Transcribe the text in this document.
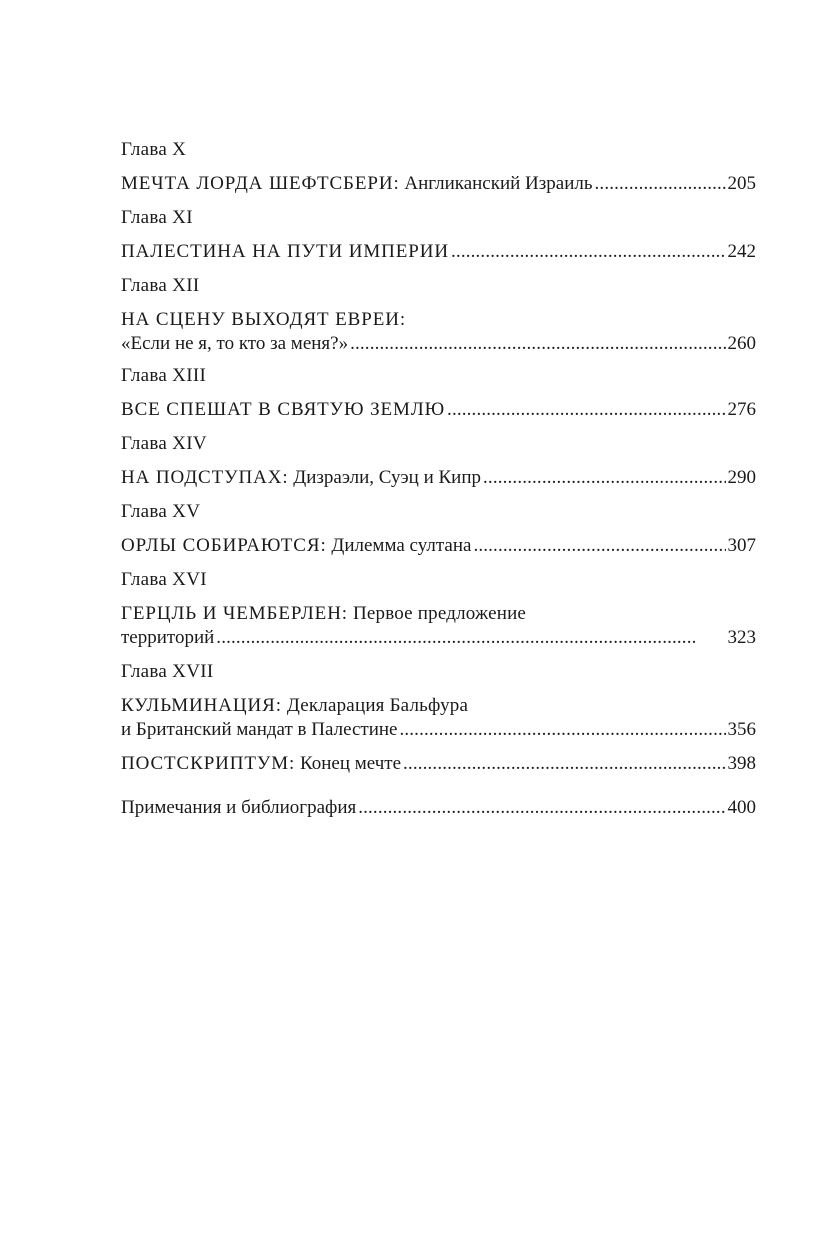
Глава X
МЕЧТА ЛОРДА ШЕФТСБЕРИ: Англиканский Израиль . . .	205
Глава XI
ПАЛЕСТИНА НА ПУТИ ИМПЕРИИ . . .	242
Глава XII
НА СЦЕНУ ВЫХОДЯТ ЕВРЕИ:
«Если не я, то кто за меня?» . . .	260
Глава XIII
ВСЕ СПЕШАТ В СВЯТУЮ ЗЕМЛЮ . . .	276
Глава XIV
НА ПОДСТУПАХ: Дизраэли, Суэц и Кипр . . .	290
Глава XV
ОРЛЫ СОБИРАЮТСЯ: Дилемма султана . . .	307
Глава XVI
ГЕРЦЛЬ И ЧЕМБЕРЛЕН: Первое предложение
территорий . . .	323
Глава XVII
КУЛЬМИНАЦИЯ: Декларация Бальфура
и Британский мандат в Палестине . . .	356
ПОСТСКРИПТУМ: Конец мечте . . .	398
Примечания и библиография . . .	400
